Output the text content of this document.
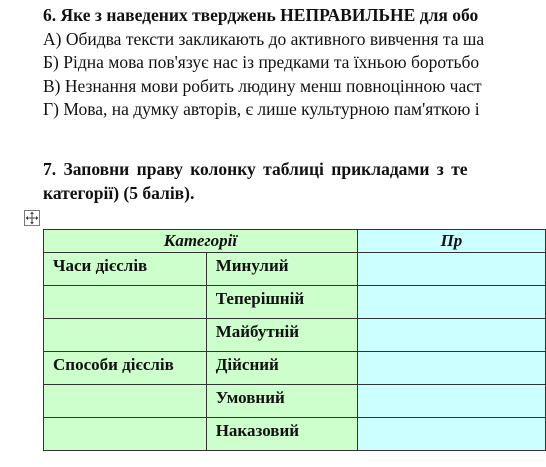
6. Яке з наведених тверджень НЕПРАВИЛЬНЕ для обо
А) Обидва тексти закликають до активного вивчення та ша
Б) Рідна мова пов'язує нас із предками та їхньою боротьбо
В) Незнання мови робить людину менш повноцінною част
Г) Мова, на думку авторів, є лише культурною пам'яткою і
7. Заповни праву колонку таблиці прикладами з те
категорії) (5 балів).
Категорії		Пр
Часи дієслів	Минулий	
	Теперішній	
	Майбутній	
Способи дієслів	Дійсний	
	Умовний	
	Наказовий	
